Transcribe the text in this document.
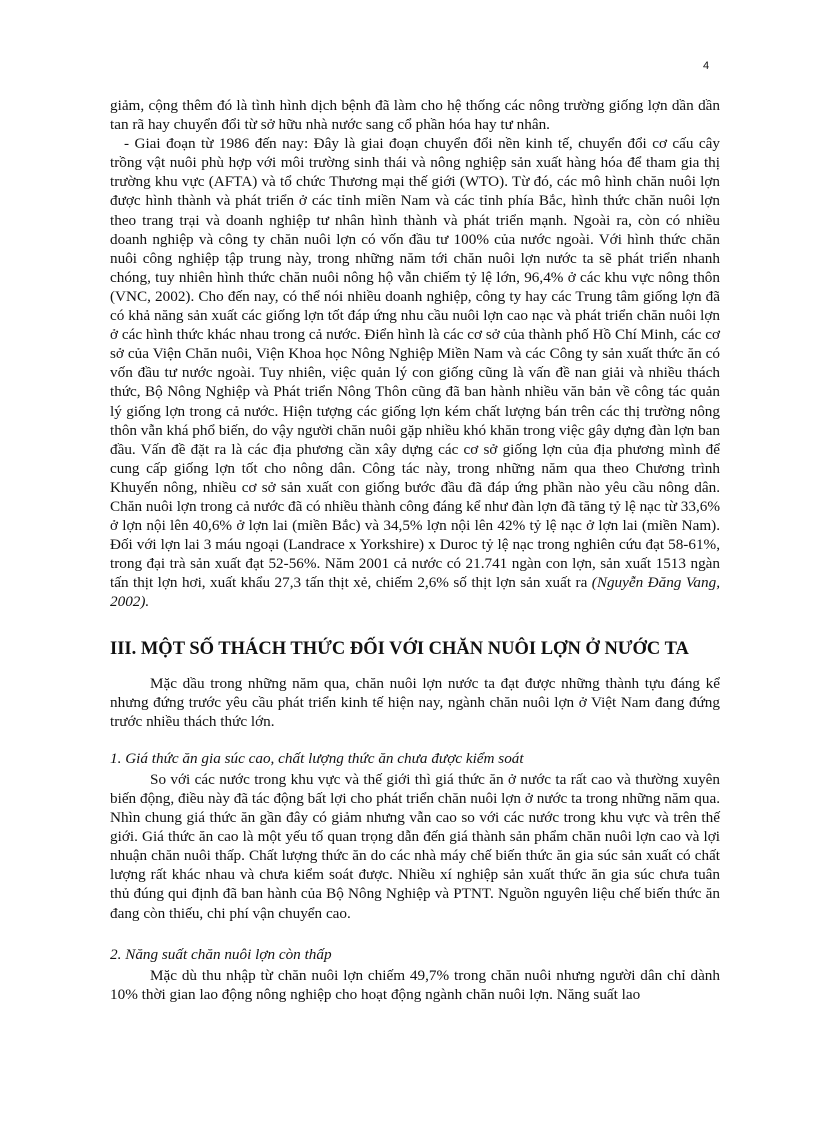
4

giảm, cộng thêm đó là tình hình dịch bệnh đã làm cho hệ thống các nông trường giống lợn dần dần tan rã hay chuyển đổi từ sở hữu nhà nước sang cổ phần hóa hay tư nhân.

- Giai đoạn từ 1986 đến nay: Đây là giai đoạn chuyển đổi nền kinh tế, chuyển đổi cơ cấu cây trồng vật nuôi phù hợp với môi trường sinh thái và nông nghiệp sản xuất hàng hóa để tham gia thị trường khu vực (AFTA) và tổ chức Thương mại thế giới (WTO). Từ đó, các mô hình chăn nuôi lợn được hình thành và phát triển ở các tỉnh miền Nam và các tỉnh phía Bắc, hình thức chăn nuôi lợn theo trang trại và doanh nghiệp tư nhân hình thành và phát triển mạnh. Ngoài ra, còn có nhiều doanh nghiệp và công ty chăn nuôi lợn có vốn đầu tư 100% của nước ngoài. Với hình thức chăn nuôi công nghiệp tập trung này, trong những năm tới chăn nuôi lợn nước ta sẽ phát triển nhanh chóng, tuy nhiên hình thức chăn nuôi nông hộ vẫn chiếm tỷ lệ lớn, 96,4% ở các khu vực nông thôn (VNC, 2002). Cho đến nay, có thể nói nhiều doanh nghiệp, công ty hay các Trung tâm giống lợn đã có khả năng sản xuất các giống lợn tốt đáp ứng nhu cầu nuôi lợn cao nạc và phát triển chăn nuôi lợn ở các hình thức khác nhau trong cả nước. Điển hình là các cơ sở của thành phố Hồ Chí Minh, các cơ sở của Viện Chăn nuôi, Viện Khoa học Nông Nghiệp Miền Nam và các Công ty sản xuất thức ăn có vốn đầu tư nước ngoài. Tuy nhiên, việc quản lý con giống cũng là vấn đề nan giải và nhiều thách thức, Bộ Nông Nghiệp và Phát triển Nông Thôn cũng đã ban hành nhiều văn bản về công tác quản lý giống lợn trong cả nước. Hiện tượng các giống lợn kém chất lượng bán trên các thị trường nông thôn vẫn khá phổ biến, do vậy người chăn nuôi gặp nhiều khó khăn trong việc gây dựng đàn lợn ban đầu. Vấn đề đặt ra là các địa phương cần xây dựng các cơ sở giống lợn của địa phương mình để cung cấp giống lợn tốt cho nông dân. Công tác này, trong những năm qua theo Chương trình Khuyến nông, nhiều cơ sở sản xuất con giống bước đầu đã đáp ứng phần nào yêu cầu nông dân. Chăn nuôi lợn trong cả nước đã có nhiều thành công đáng kể như đàn lợn đã tăng tỷ lệ nạc từ 33,6% ở lợn nội lên 40,6% ở lợn lai (miền Bắc) và 34,5% lợn nội lên 42% tỷ lệ nạc ở lợn lai (miền Nam). Đối với lợn lai 3 máu ngoại (Landrace x Yorkshire) x Duroc tỷ lệ nạc trong nghiên cứu đạt 58-61%, trong đại trà sản xuất đạt 52-56%. Năm 2001 cả nước có 21.741 ngàn con lợn, sản xuất 1513 ngàn tấn thịt lợn hơi, xuất khẩu 27,3 tấn thịt xẻ, chiếm 2,6% số thịt lợn sản xuất ra (Nguyễn Đăng Vang, 2002).

III. MỘT SỐ THÁCH THỨC ĐỐI VỚI CHĂN NUÔI LỢN Ở NƯỚC TA

Mặc dầu trong những năm qua, chăn nuôi lợn nước ta đạt được những thành tựu đáng kể nhưng đứng trước yêu cầu phát triển kinh tế hiện nay, ngành chăn nuôi lợn ở Việt Nam đang đứng trước nhiều thách thức lớn.

1. Giá thức ăn gia súc cao, chất lượng thức ăn chưa được kiểm soát

So với các nước trong khu vực và thế giới thì giá thức ăn ở nước ta rất cao và thường xuyên biến động, điều này đã tác động bất lợi cho phát triển chăn nuôi lợn ở nước ta trong những năm qua. Nhìn chung giá thức ăn gần đây có giảm nhưng vẫn cao so với các nước trong khu vực và trên thế giới. Giá thức ăn cao là một yếu tố quan trọng dẫn đến giá thành sản phẩm chăn nuôi lợn cao và lợi nhuận chăn nuôi thấp. Chất lượng thức ăn do các nhà máy chế biến thức ăn gia súc sản xuất có chất lượng rất khác nhau và chưa kiểm soát được. Nhiều xí nghiệp sản xuất thức ăn gia súc chưa tuân thủ đúng qui định đã ban hành của Bộ Nông Nghiệp và PTNT. Nguồn nguyên liệu chế biến thức ăn đang còn thiếu, chi phí vận chuyển cao.

2. Năng suất chăn nuôi lợn còn thấp

Mặc dù thu nhập từ chăn nuôi lợn chiếm 49,7% trong chăn nuôi nhưng người dân chỉ dành 10% thời gian lao động nông nghiệp cho hoạt động ngành chăn nuôi lợn. Năng suất lao
